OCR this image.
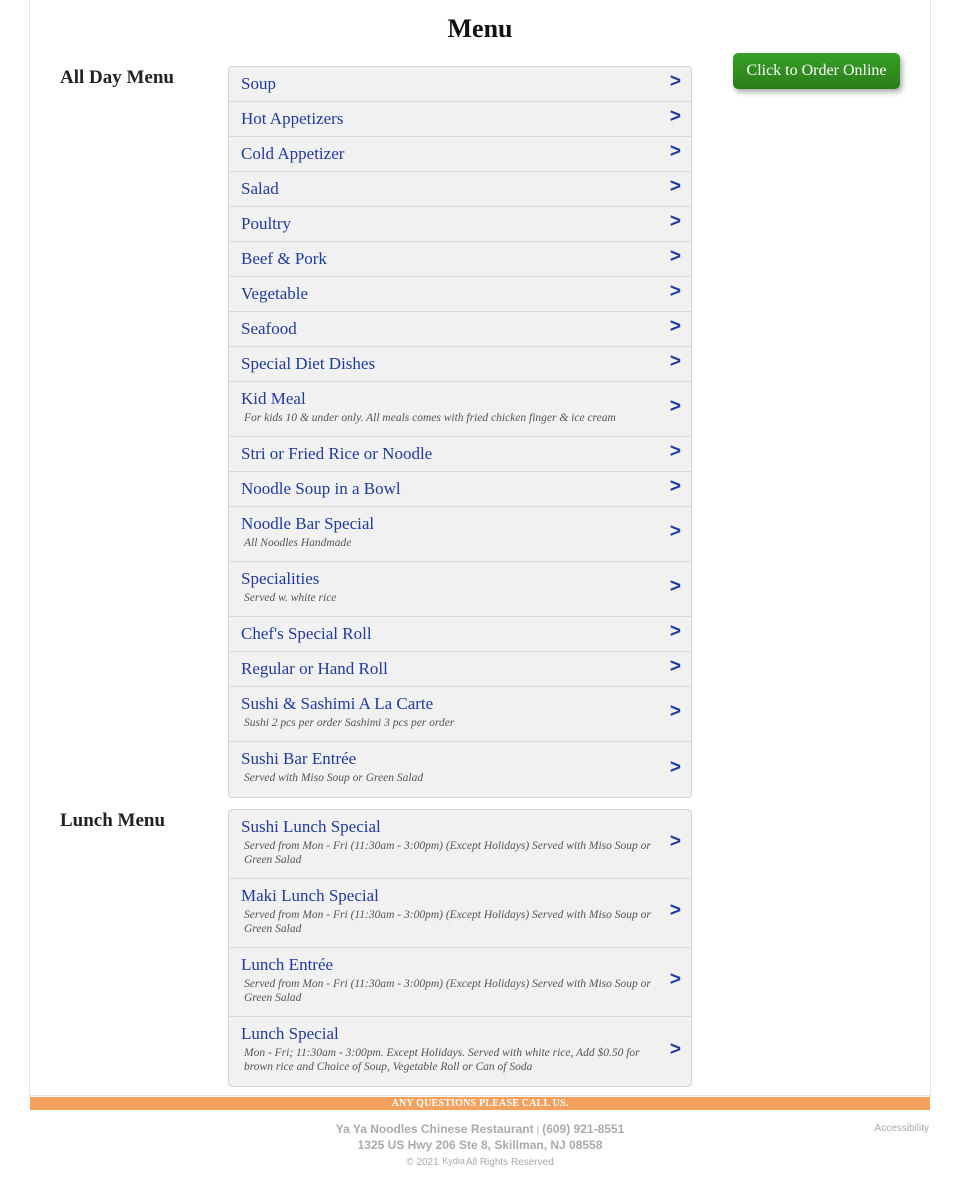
Menu
Click to Order Online
All Day Menu	Soup	>
Hot Appetizers	>
Cold Appetizer	>
Salad	>
Poultry	>
Beef & Pork	>
Vegetable	>
Seafood	>
Special Diet Dishes	>
Kid Meal
For kids 10 & under only. All meals comes with fried chicken finger & ice cream
>
Stri or Fried Rice or Noodle	>
Noodle Soup in a Bowl	>
Noodle Bar Special
All Noodles Handmade
>
Specialities
Served w. white rice
>
Chef's Special Roll	>
Regular or Hand Roll	>
Sushi & Sashimi A La Carte
Sushi 2 pcs per order Sashimi 3 pcs per order
>
Sushi Bar Entrée
Served with Miso Soup or Green Salad
>
Lunch Menu	Sushi Lunch Special
Served from Mon - Fri (11:30am - 3:00pm) (Except Holidays) Served with Miso Soup or Green Salad
>
Maki Lunch Special
Served from Mon - Fri (11:30am - 3:00pm) (Except Holidays) Served with Miso Soup or Green Salad
>
Lunch Entrée
Served from Mon - Fri (11:30am - 3:00pm) (Except Holidays) Served with Miso Soup or Green Salad
>
Lunch Special
Mon - Fri; 11:30am - 3:00pm. Except Holidays. Served with white rice, Add $0.50 for brown rice and Choice of Soup, Vegetable Roll or Can of Soda
>
ANY QUESTIONS PLEASE CALL US.
Ya Ya Noodles Chinese Restaurant | (609) 921-8551
1325 US Hwy 206 Ste 8, Skillman, NJ 08558
© 2021 KydiaAll Rights Reserved
Accessibility
